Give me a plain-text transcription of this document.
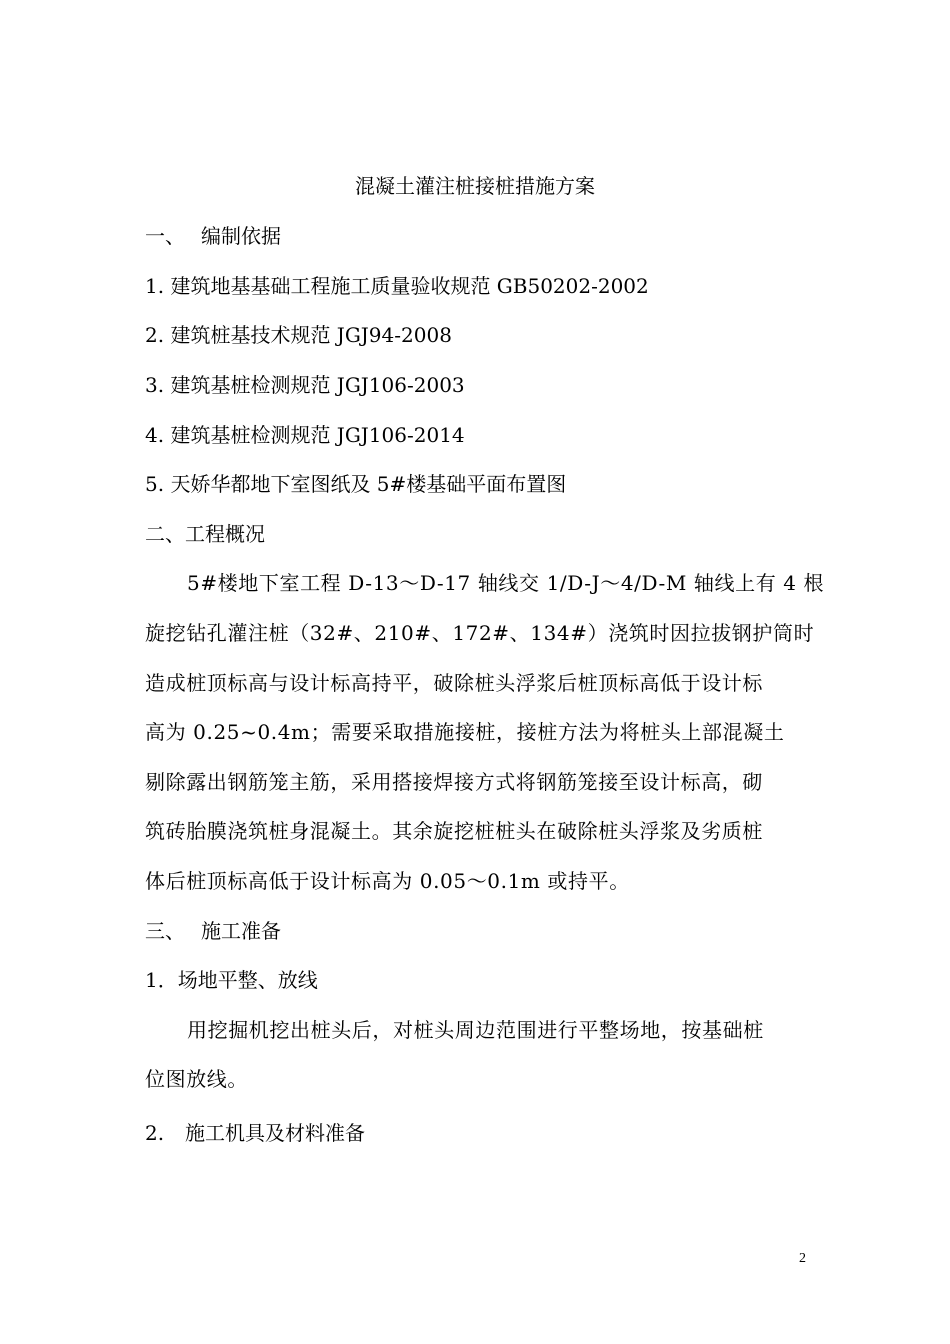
混凝土灌注桩接桩措施方案
一、 编制依据
1. 建筑地基基础工程施工质量验收规范 GB50202-2002
2. 建筑桩基技术规范 JGJ94-2008
3. 建筑基桩检测规范 JGJ106-2003
4. 建筑基桩检测规范 JGJ106-2014
5. 天娇华都地下室图纸及 5#楼基础平面布置图
二、工程概况
5#楼地下室工程 D-13～D-17 轴线交 1/D-J～4/D-M 轴线上有 4 根
旋挖钻孔灌注桩（32#、210#、172#、134#）浇筑时因拉拔钢护筒时
造成桩顶标高与设计标高持平，破除桩头浮浆后桩顶标高低于设计标
高为 0.25~0.4m；需要采取措施接桩，接桩方法为将桩头上部混凝土
剔除露出钢筋笼主筋，采用搭接焊接方式将钢筋笼接至设计标高，砌
筑砖胎膜浇筑桩身混凝土。其余旋挖桩桩头在破除桩头浮浆及劣质桩
体后桩顶标高低于设计标高为 0.05～0.1m 或持平。
三、 施工准备
1．场地平整、放线
用挖掘机挖出桩头后，对桩头周边范围进行平整场地，按基础桩
位图放线。
2. 施工机具及材料准备
2
